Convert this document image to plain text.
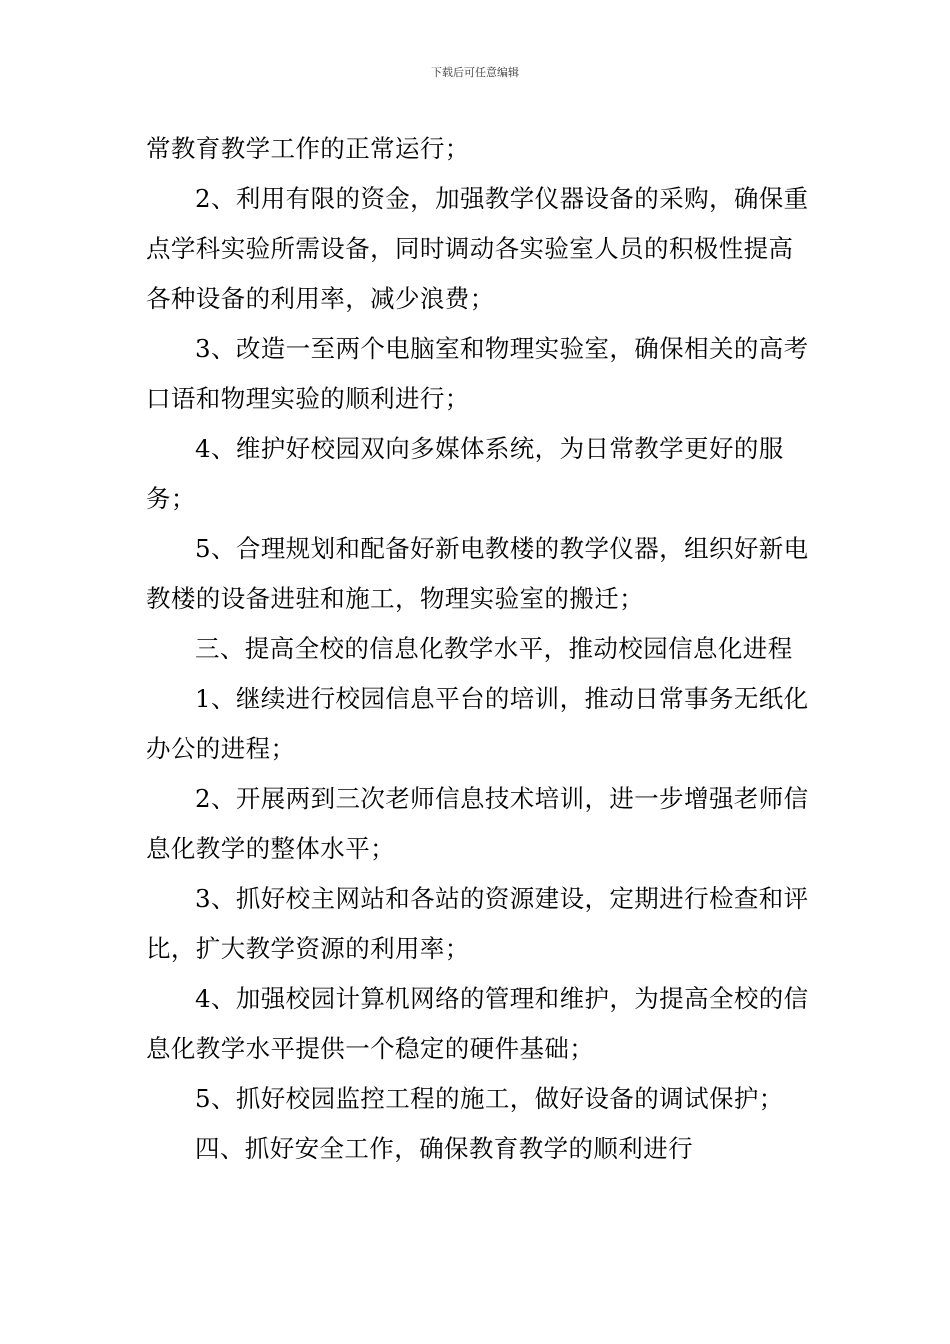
下载后可任意编辑

常教育教学工作的正常运行；

2、利用有限的资金，加强教学仪器设备的采购，确保重点学科实验所需设备，同时调动各实验室人员的积极性提高各种设备的利用率，减少浪费；

3、改造一至两个电脑室和物理实验室，确保相关的高考口语和物理实验的顺利进行；

4、维护好校园双向多媒体系统，为日常教学更好的服务；

5、合理规划和配备好新电教楼的教学仪器，组织好新电教楼的设备进驻和施工，物理实验室的搬迁；

三、提高全校的信息化教学水平，推动校园信息化进程

1、继续进行校园信息平台的培训，推动日常事务无纸化办公的进程；

2、开展两到三次老师信息技术培训，进一步增强老师信息化教学的整体水平；

3、抓好校主网站和各站的资源建设，定期进行检查和评比，扩大教学资源的利用率；

4、加强校园计算机网络的管理和维护，为提高全校的信息化教学水平提供一个稳定的硬件基础；

5、抓好校园监控工程的施工，做好设备的调试保护；

四、抓好安全工作，确保教育教学的顺利进行
